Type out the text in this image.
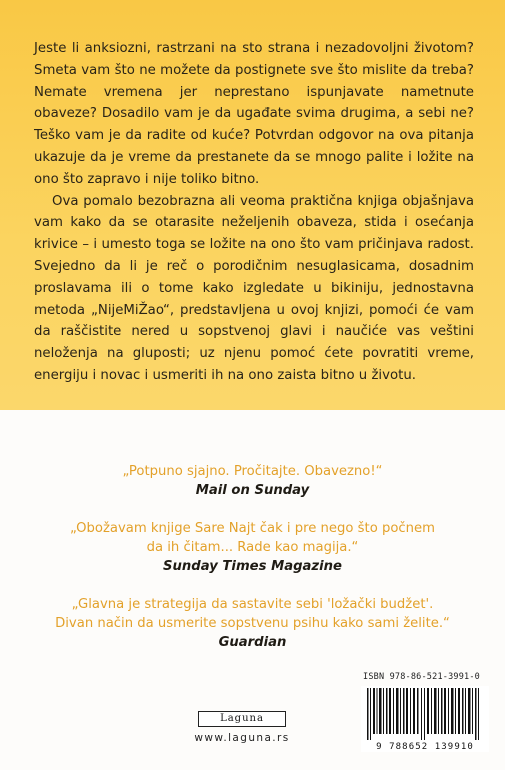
Jeste li anksiozni, rastrzani na sto strana i nezadovoljni životom? Smeta vam što ne možete da postignete sve što mislite da treba? Nemate vremena jer neprestano ispunjavate nametnute obaveze? Dosadilo vam je da ugađate svima drugima, a sebi ne? Teško vam je da radite od kuće? Potvrdan odgovor na ova pitanja ukazuje da je vreme da prestanete da se mnogo palite i ložite na ono što zapravo i nije toliko bitno.

Ova pomalo bezobrazna ali veoma praktična knjiga objašnjava vam kako da se otarasite neželjenih obaveza, stida i osećanja krivice – i umesto toga se ložite na ono što vam pričinjava radost. Svejedno da li je reč o porodičnim nesuglasicama, dosadnim proslavama ili o tome kako izgledate u bikiniju, jednostavna metoda „NijeMiŽao“, predstavljena u ovoj knjizi, pomoći će vam da raščistite nered u sopstvenoj glavi i naučiće vas veštini neloženja na gluposti; uz njenu pomoć ćete povratiti vreme, energiju i novac i usmeriti ih na ono zaista bitno u životu.

„Potpuno sjajno. Pročitajte. Obavezno!“
Mail on Sunday
„Obožavam knjige Sare Najt čak i pre nego što počnem
da ih čitam... Rade kao magija.“
Sunday Times Magazine
„Glavna je strategija da sastavite sebi 'ložački budžet'.
Divan način da usmerite sopstvenu psihu kako sami želite.“
Guardian
Laguna
www.laguna.rs
ISBN 978-86-521-3991-0
9 788652 139910
